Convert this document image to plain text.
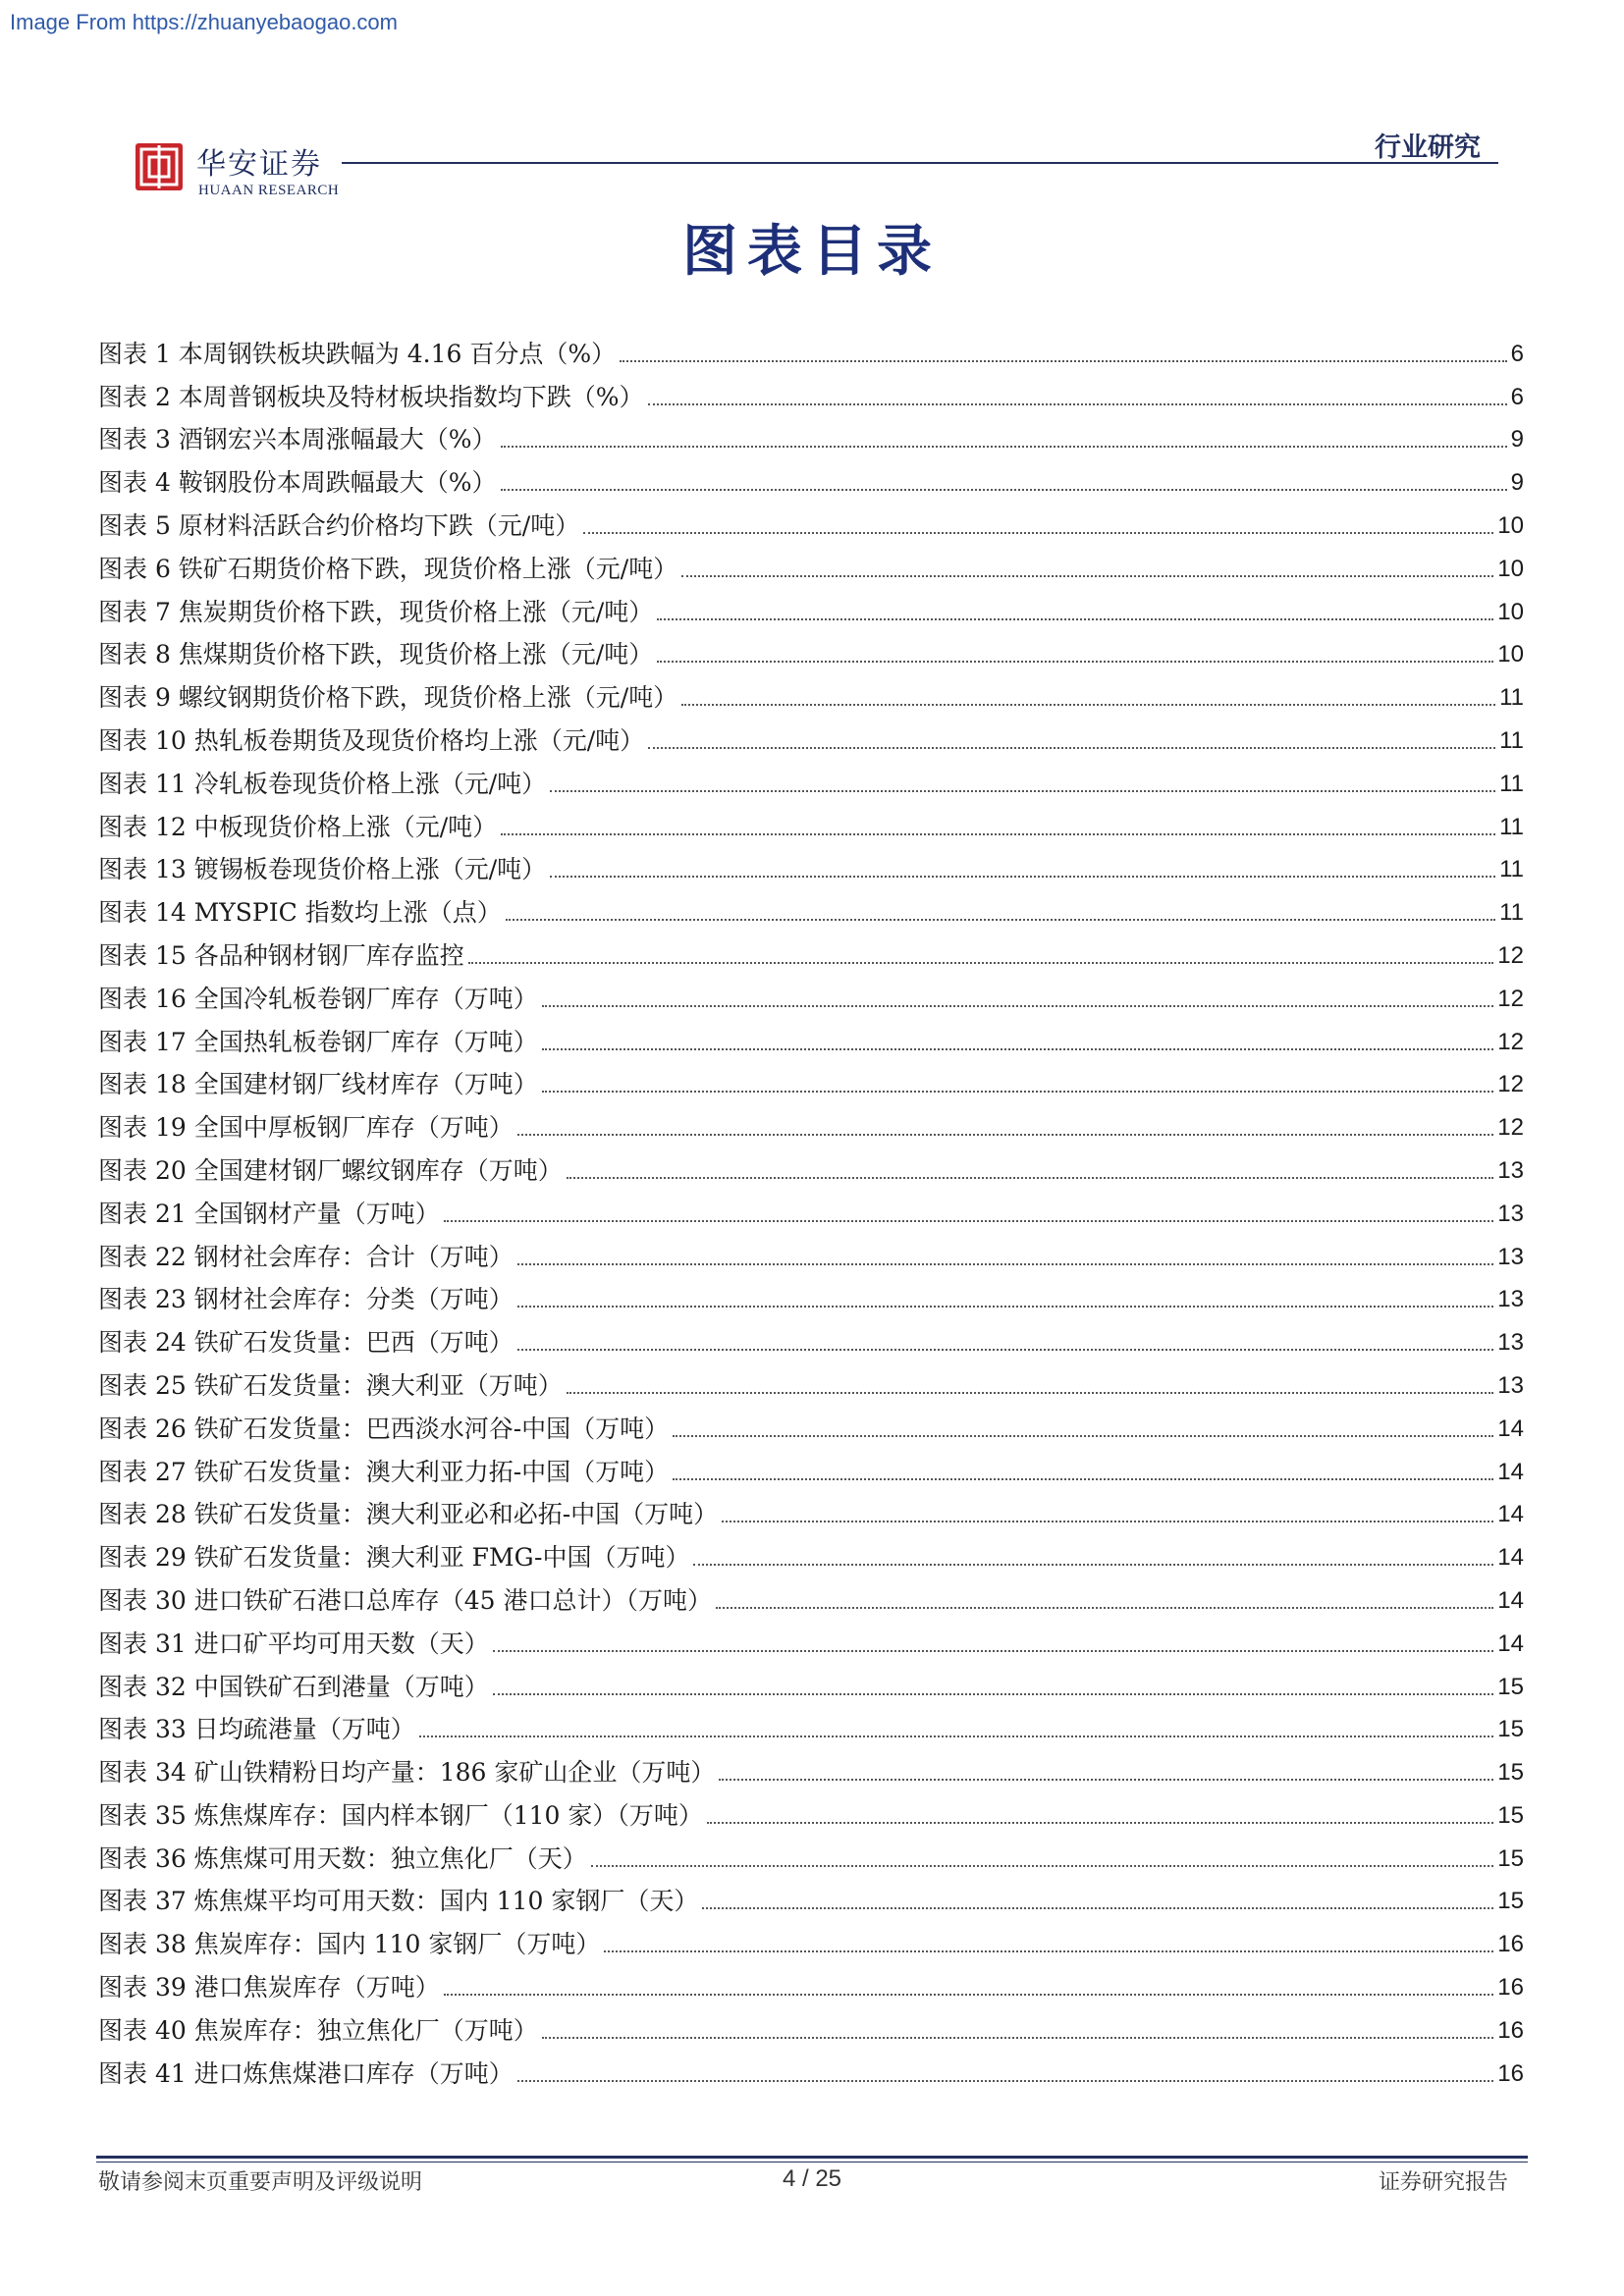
Image From https://zhuanyebaogao.com
华安证券
HUAAN RESEARCH
行业研究
图表目录
图表 1 本周钢铁板块跌幅为 4.16 百分点（%）	6
图表 2 本周普钢板块及特材板块指数均下跌（%）	6
图表 3 酒钢宏兴本周涨幅最大（%）	9
图表 4 鞍钢股份本周跌幅最大（%）	9
图表 5 原材料活跃合约价格均下跌（元/吨）	10
图表 6 铁矿石期货价格下跌，现货价格上涨（元/吨）	10
图表 7 焦炭期货价格下跌，现货价格上涨（元/吨）	10
图表 8 焦煤期货价格下跌，现货价格上涨（元/吨）	10
图表 9 螺纹钢期货价格下跌，现货价格上涨（元/吨）	11
图表 10 热轧板卷期货及现货价格均上涨（元/吨）	11
图表 11 冷轧板卷现货价格上涨（元/吨）	11
图表 12 中板现货价格上涨（元/吨）	11
图表 13 镀锡板卷现货价格上涨（元/吨）	11
图表 14 MYSPIC 指数均上涨（点）	11
图表 15 各品种钢材钢厂库存监控	12
图表 16 全国冷轧板卷钢厂库存（万吨）	12
图表 17 全国热轧板卷钢厂库存（万吨）	12
图表 18 全国建材钢厂线材库存（万吨）	12
图表 19 全国中厚板钢厂库存（万吨）	12
图表 20 全国建材钢厂螺纹钢库存（万吨）	13
图表 21 全国钢材产量（万吨）	13
图表 22 钢材社会库存：合计（万吨）	13
图表 23 钢材社会库存：分类（万吨）	13
图表 24 铁矿石发货量：巴西（万吨）	13
图表 25 铁矿石发货量：澳大利亚（万吨）	13
图表 26 铁矿石发货量：巴西淡水河谷-中国（万吨）	14
图表 27 铁矿石发货量：澳大利亚力拓-中国（万吨）	14
图表 28 铁矿石发货量：澳大利亚必和必拓-中国（万吨）	14
图表 29 铁矿石发货量：澳大利亚 FMG-中国（万吨）	14
图表 30 进口铁矿石港口总库存（45 港口总计）（万吨）	14
图表 31 进口矿平均可用天数（天）	14
图表 32 中国铁矿石到港量（万吨）	15
图表 33 日均疏港量（万吨）	15
图表 34 矿山铁精粉日均产量：186 家矿山企业（万吨）	15
图表 35 炼焦煤库存：国内样本钢厂（110 家）（万吨）	15
图表 36 炼焦煤可用天数：独立焦化厂（天）	15
图表 37 炼焦煤平均可用天数：国内 110 家钢厂（天）	15
图表 38 焦炭库存：国内 110 家钢厂（万吨）	16
图表 39 港口焦炭库存（万吨）	16
图表 40 焦炭库存：独立焦化厂（万吨）	16
图表 41 进口炼焦煤港口库存（万吨）	16
敬请参阅末页重要声明及评级说明	4 / 25	证券研究报告
